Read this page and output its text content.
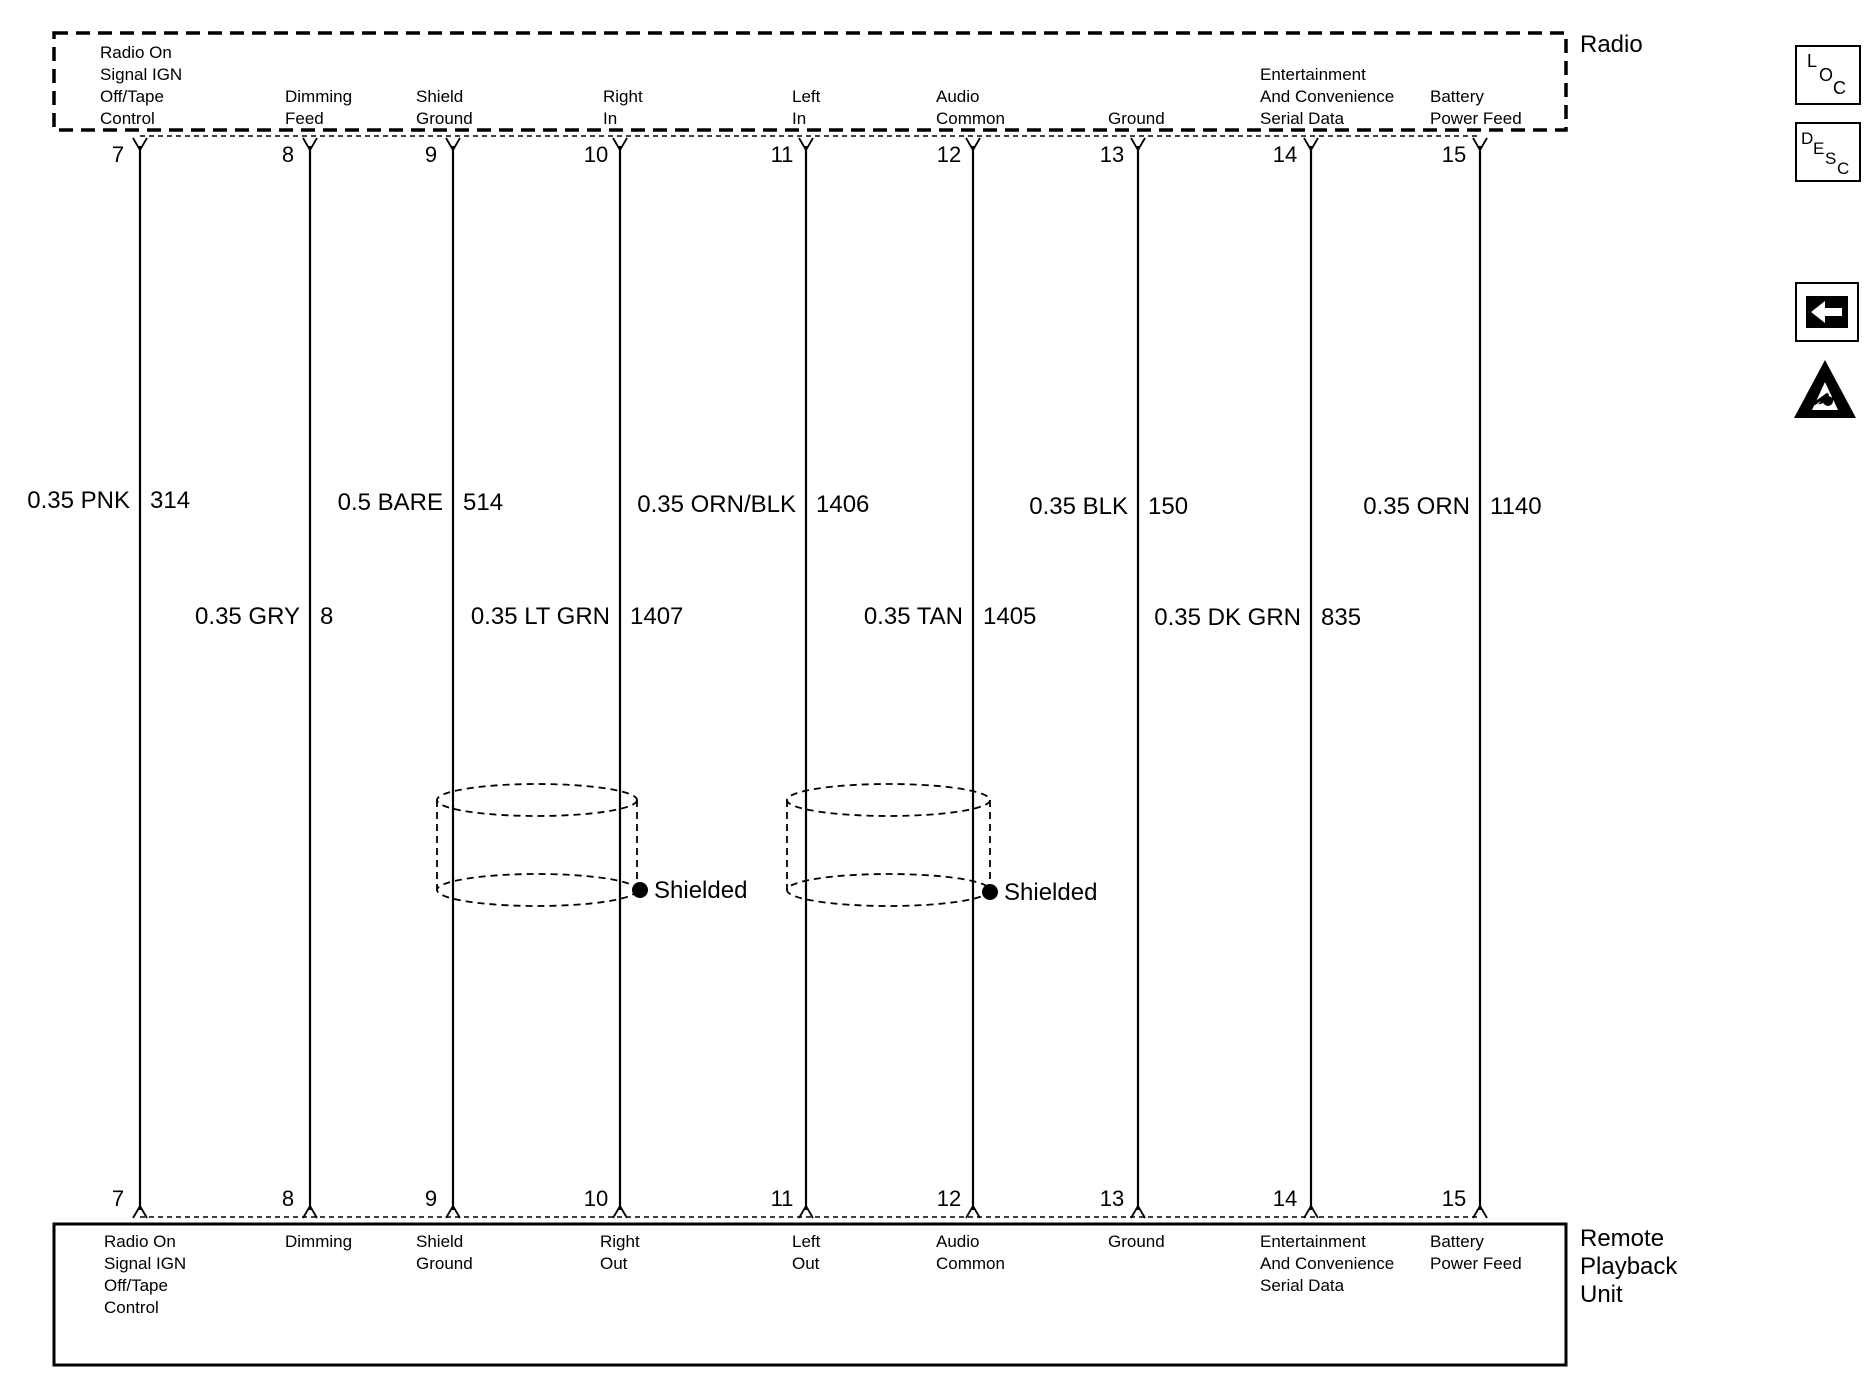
Radio
Remote
Playback
Unit
7
7
Radio On
Signal IGN
Off/Tape
Control
Radio On
Signal IGN
Off/Tape
Control
0.35 PNK 314
8
8
Dimming
Feed
Dimming
0.35 GRY 8
9
9
Shield
Ground
Shield
Ground
0.5 BARE 514
10
10
Right
In
Right
Out
0.35 LT GRN 1407
11
11
Left
In
Left
Out
0.35 ORN/BLK 1406
12
12
Audio
Common
Audio
Common
0.35 TAN 1405
13
13
Ground
Ground
0.35 BLK 150
14
14
Entertainment
And Convenience
Serial Data
Entertainment
And Convenience
Serial Data
0.35 DK GRN 835
15
15
Battery
Power Feed
Battery
Power Feed
0.35 ORN 1140
Shielded	Shielded
L
O
C
D
E
S
C
